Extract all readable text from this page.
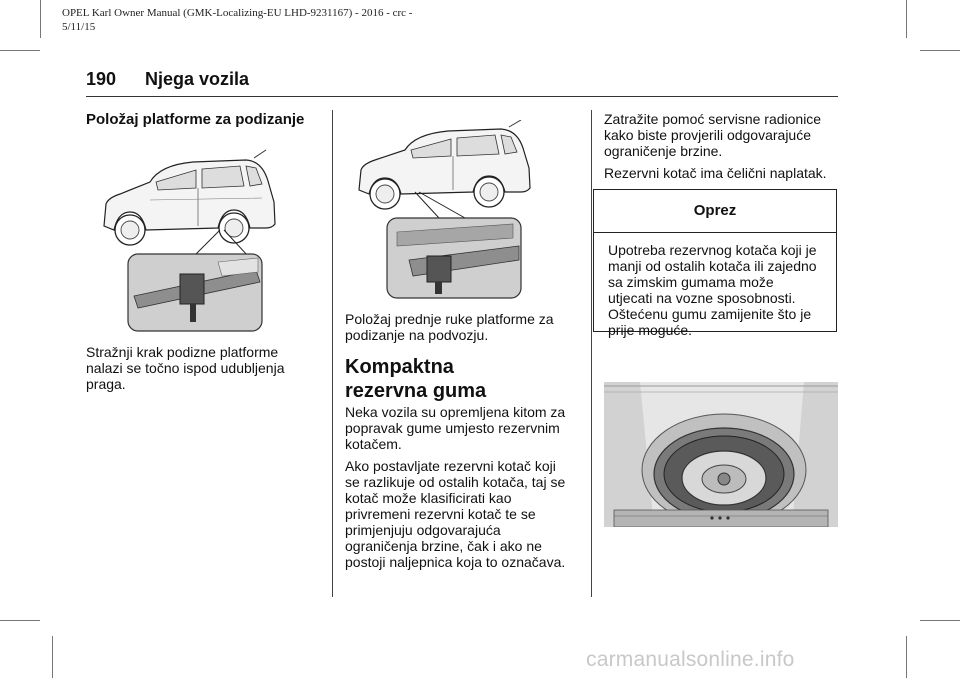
OPEL Karl Owner Manual (GMK-Localizing-EU LHD-9231167) - 2016 - crc -
5/11/15
190 Njega vozila
Položaj platforme za podizanje
Stražnji krak podizne platforme
nalazi se točno ispod udubljenja
praga.
Položaj prednje ruke platforme za
podizanje na podvozju.
Kompaktna
rezervna guma
Neka vozila su opremljena kitom za
popravak gume umjesto rezervnim
kotačem.
Ako postavljate rezervni kotač koji
se razlikuje od ostalih kotača, taj se
kotač može klasificirati kao
privremeni rezervni kotač te se
primjenjuju odgovarajuća
ograničenja brzine, čak i ako ne
postoji naljepnica koja to označava.
Zatražite pomoć servisne radionice
kako biste provjerili odgovarajuće
ograničenje brzine.
Rezervni kotač ima čelični naplatak.
Oprez
Upotreba rezervnog kotača koji je
manji od ostalih kotača ili zajedno
sa zimskim gumama može
utjecati na vozne sposobnosti.
Oštećenu gumu zamijenite što je
prije moguće.
carmanualsonline.info
